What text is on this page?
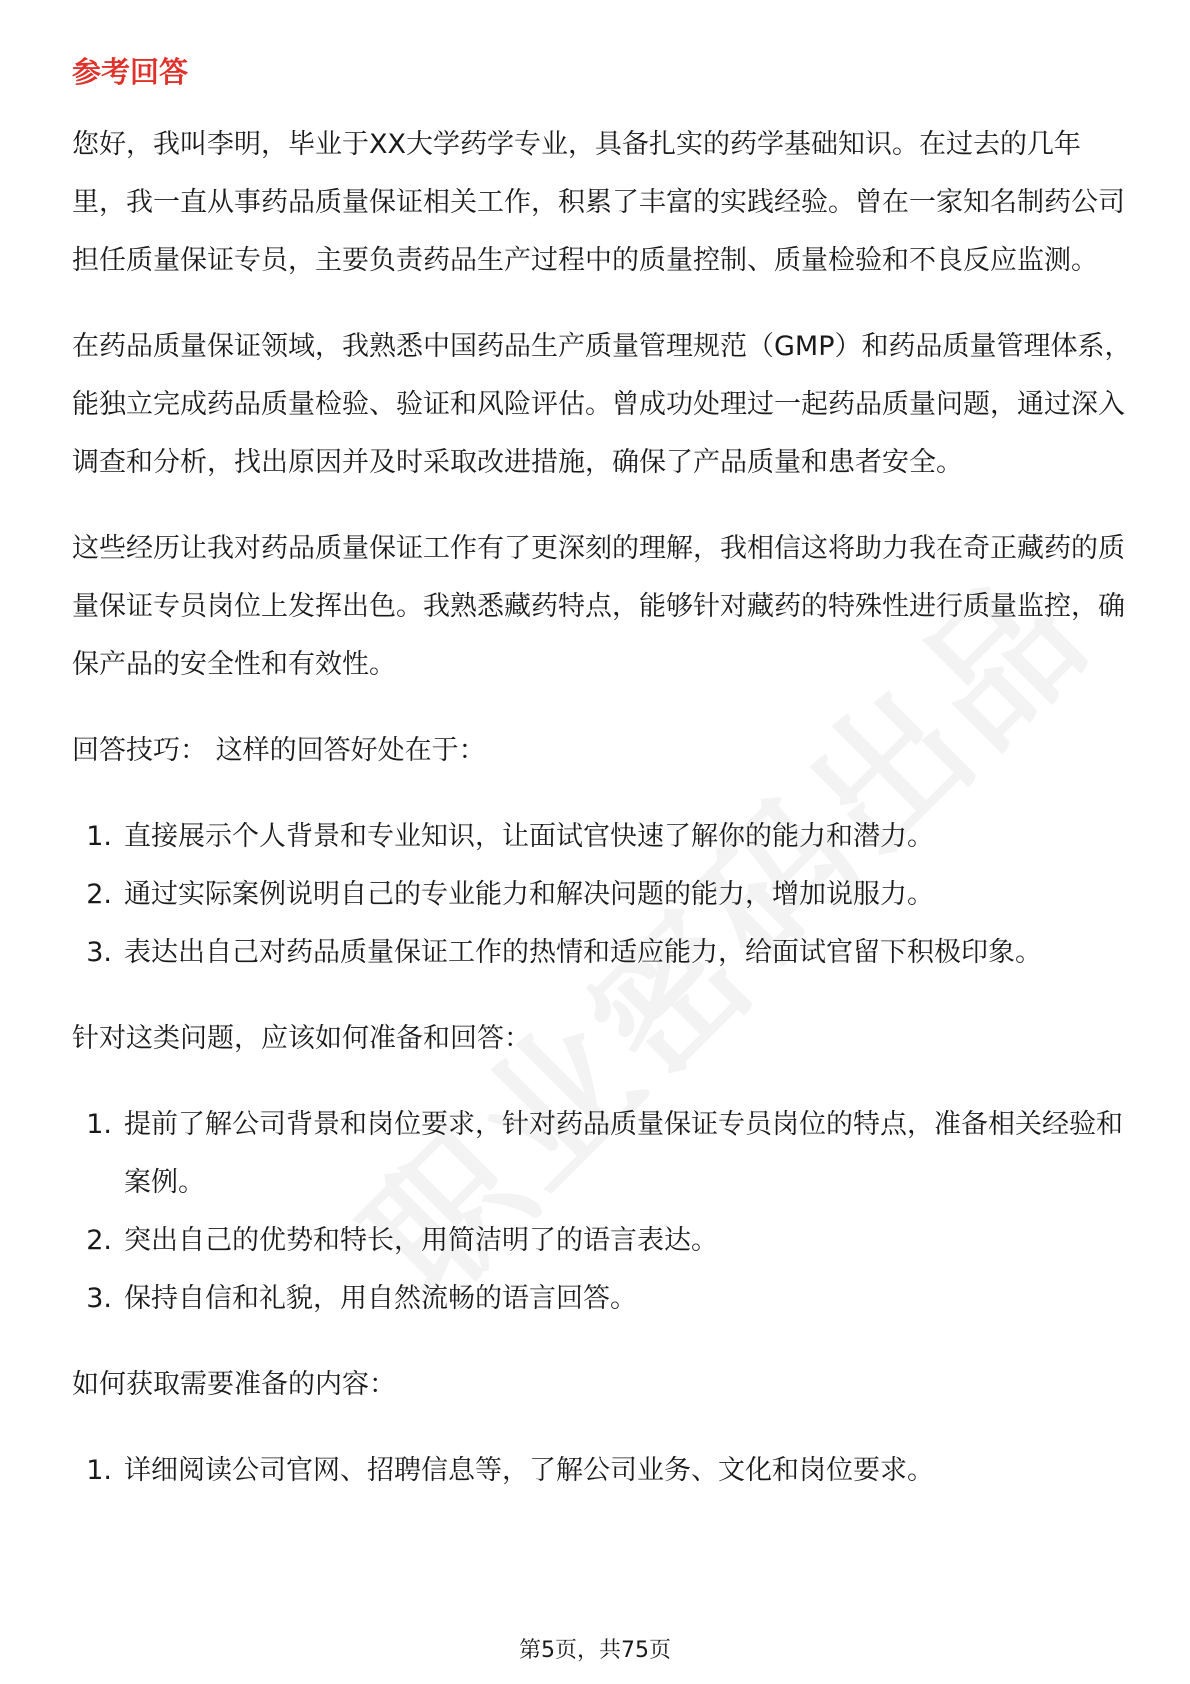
参考回答

您好，我叫李明，毕业于XX大学药学专业，具备扎实的药学基础知识。在过去的几年里，我一直从事药品质量保证相关工作，积累了丰富的实践经验。曾在一家知名制药公司担任质量保证专员，主要负责药品生产过程中的质量控制、质量检验和不良反应监测。

在药品质量保证领域，我熟悉中国药品生产质量管理规范（GMP）和药品质量管理体系，能独立完成药品质量检验、验证和风险评估。曾成功处理过一起药品质量问题，通过深入调查和分析，找出原因并及时采取改进措施，确保了产品质量和患者安全。

这些经历让我对药品质量保证工作有了更深刻的理解，我相信这将助力我在奇正藏药的质量保证专员岗位上发挥出色。我熟悉藏药特点，能够针对藏药的特殊性进行质量监控，确保产品的安全性和有效性。

回答技巧： 这样的回答好处在于：

1. 直接展示个人背景和专业知识，让面试官快速了解你的能力和潜力。
2. 通过实际案例说明自己的专业能力和解决问题的能力，增加说服力。
3. 表达出自己对药品质量保证工作的热情和适应能力，给面试官留下积极印象。

针对这类问题，应该如何准备和回答：

1. 提前了解公司背景和岗位要求，针对药品质量保证专员岗位的特点，准备相关经验和案例。
2. 突出自己的优势和特长，用简洁明了的语言表达。
3. 保持自信和礼貌，用自然流畅的语言回答。

如何获取需要准备的内容：

1. 详细阅读公司官网、招聘信息等，了解公司业务、文化和岗位要求。
第5页，共75页
